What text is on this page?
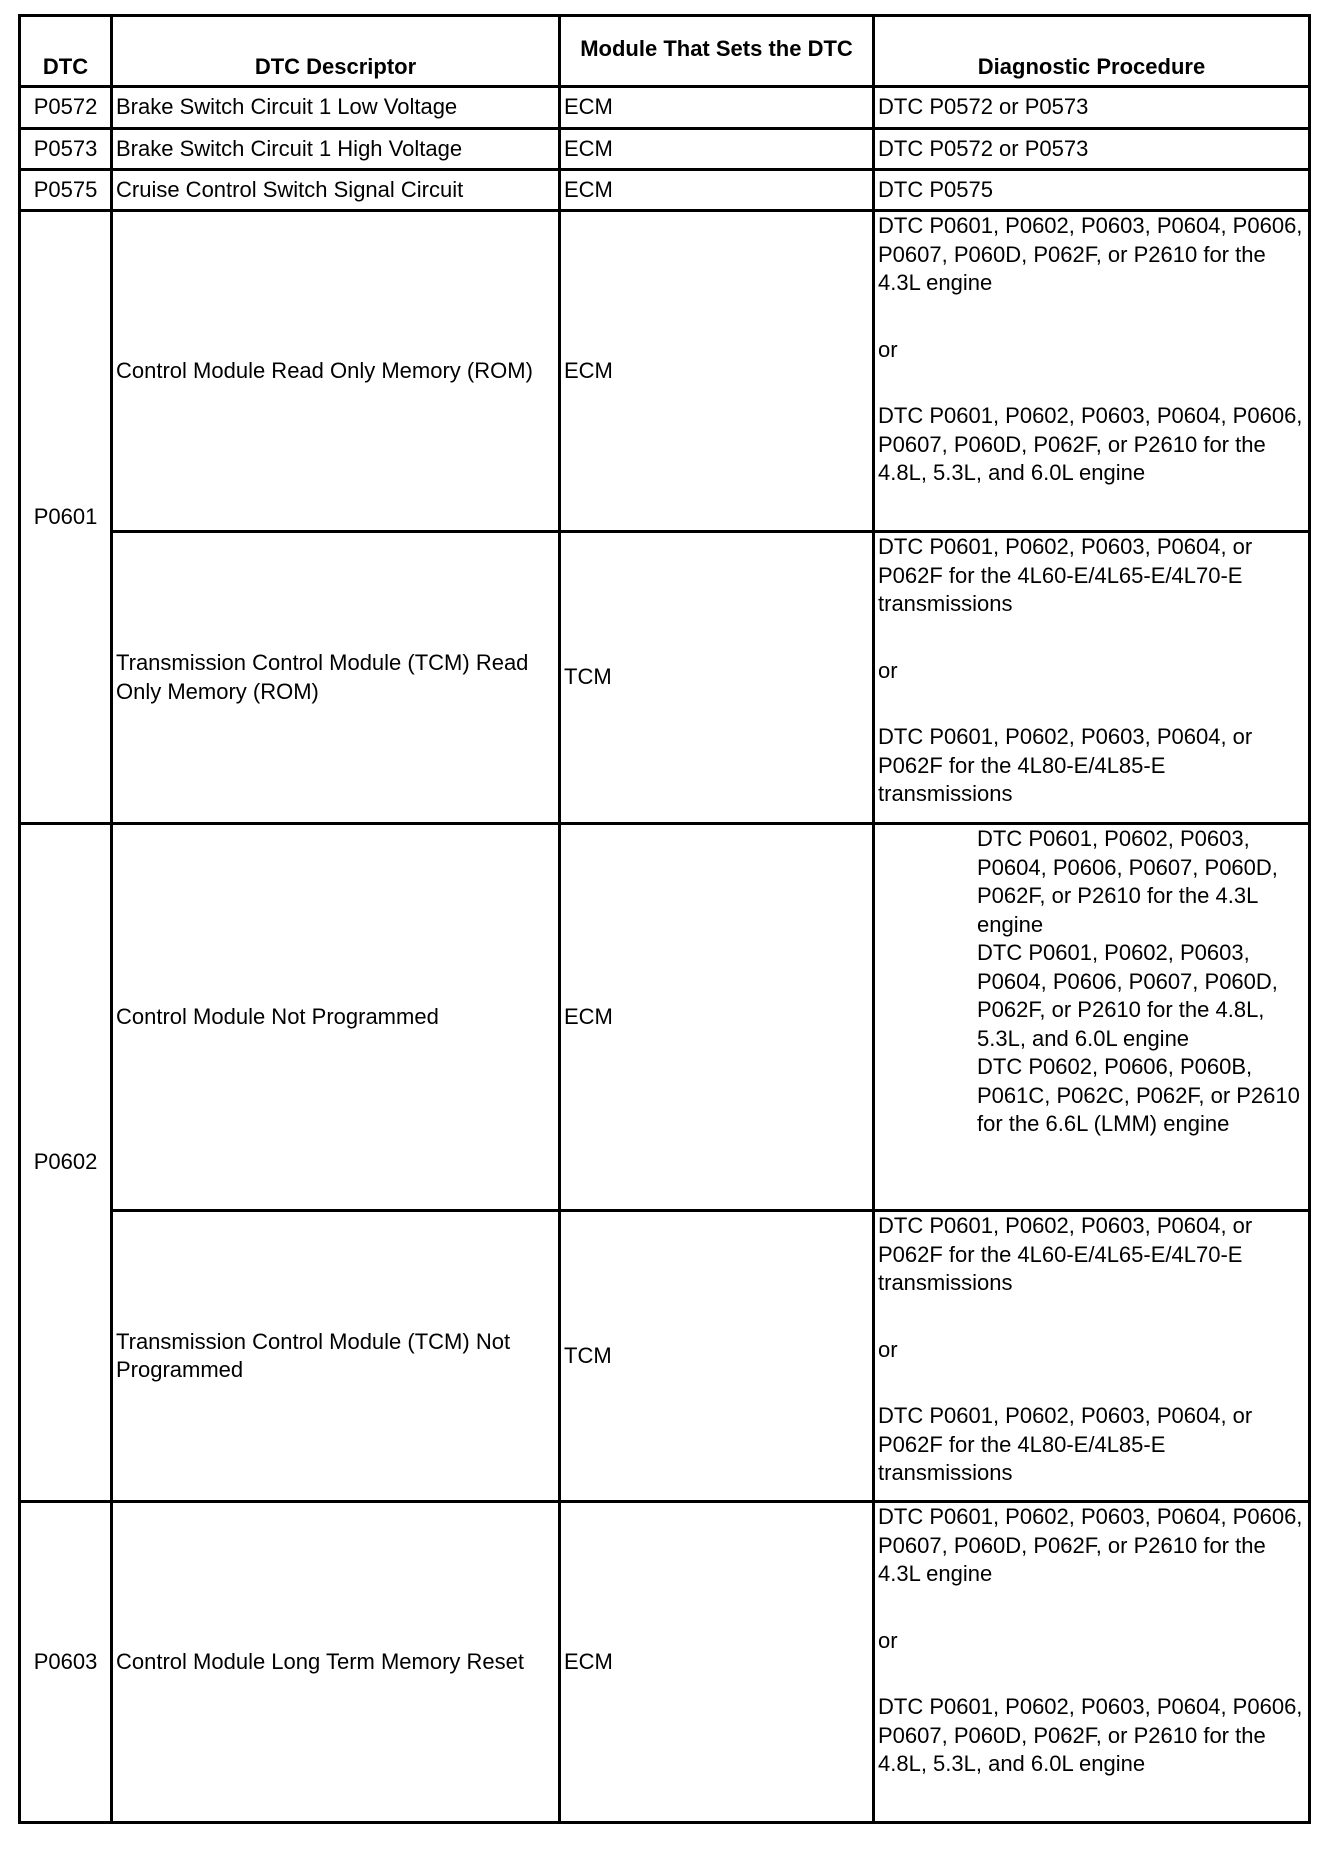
DTC	DTC Descriptor	Module That Sets the DTC	Diagnostic Procedure
P0572	Brake Switch Circuit 1 Low Voltage	ECM	DTC P0572 or P0573
P0573	Brake Switch Circuit 1 High Voltage	ECM	DTC P0572 or P0573
P0575	Cruise Control Switch Signal Circuit	ECM	DTC P0575
P0601	Control Module Read Only Memory (ROM)	ECM	DTC P0601, P0602, P0603, P0604, P0606, P0607, P060D, P062F, or P2610 for the 4.3L engine

or

DTC P0601, P0602, P0603, P0604, P0606, P0607, P060D, P062F, or P2610 for the 4.8L, 5.3L, and 6.0L engine

	Transmission Control Module (TCM) Read Only Memory (ROM)	TCM	DTC P0601, P0602, P0603, P0604, or P062F for the 4L60-E/4L65-E/4L70-E transmissions

or

DTC P0601, P0602, P0603, P0604, or P062F for the 4L80-E/4L85-E transmissions

P0602	Control Module Not Programmed	ECM	DTC P0601, P0602, P0603, P0604, P0606, P0607, P060D, P062F, or P2610 for the 4.3L engine

DTC P0601, P0602, P0603, P0604, P0606, P0607, P060D, P062F, or P2610 for the 4.8L, 5.3L, and 6.0L engine

DTC P0602, P0606, P060B, P061C, P062C, P062F, or P2610 for the 6.6L (LMM) engine

	Transmission Control Module (TCM) Not Programmed	TCM	DTC P0601, P0602, P0603, P0604, or P062F for the 4L60-E/4L65-E/4L70-E transmissions

or

DTC P0601, P0602, P0603, P0604, or P062F for the 4L80-E/4L85-E transmissions

P0603	Control Module Long Term Memory Reset	ECM	DTC P0601, P0602, P0603, P0604, P0606, P0607, P060D, P062F, or P2610 for the 4.3L engine

or

DTC P0601, P0602, P0603, P0604, P0606, P0607, P060D, P062F, or P2610 for the 4.8L, 5.3L, and 6.0L engine
